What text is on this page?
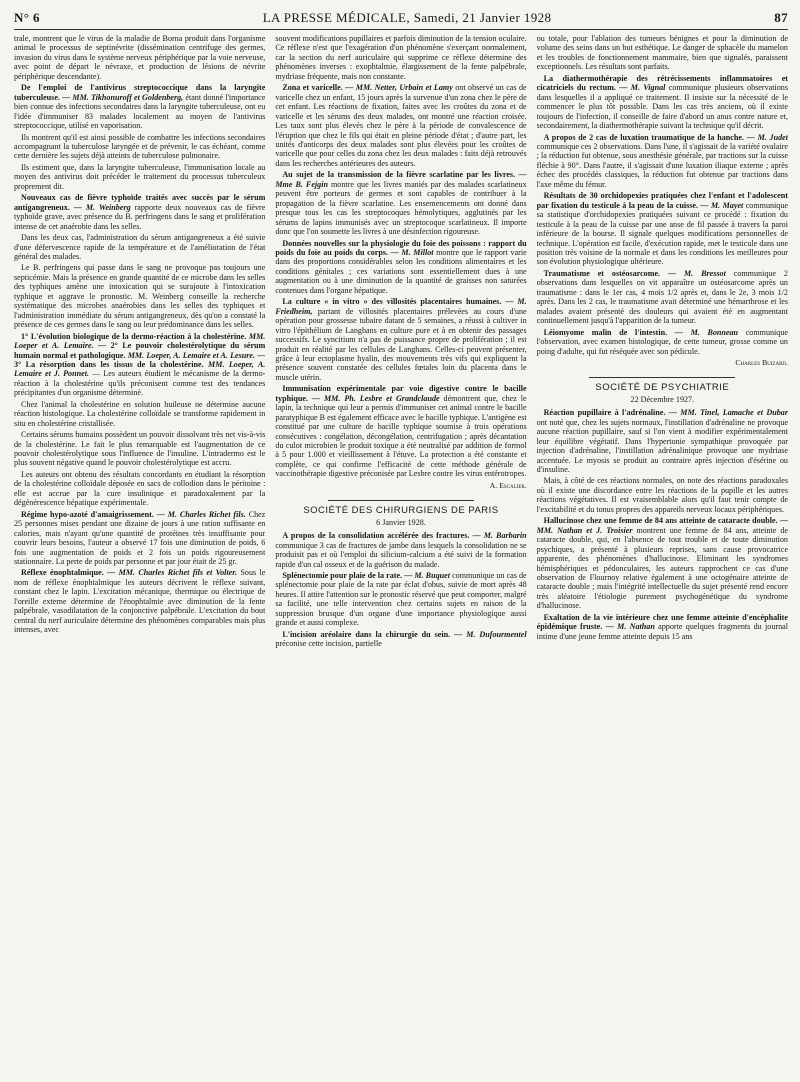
N° 6	LA PRESSE MÉDICALE, Samedi, 21 Janvier 1928	87

trale, montrent que le virus de la maladie de Borna produit dans l'organisme animal le processus de septinévrite (dissémination centrifuge des germes, invasion du virus dans le système nerveux périphérique par la voie nerveuse, avec point de départ le névraxe, et production de lésions de névrite périphérique descendante).

De l'emploi de l'antivirus streptococcique dans la laryngite tuberculeuse. — MM. Tikhonuroff et Goldenberg, étant donné l'importance bien connue des infections secondaires dans la laryngite tuberculeuse, ont eu l'idée d'immuniser 83 malades localement au moyen de l'antivirus streptococcique, utilisé en vaporisation.

Ils montrent qu'il est ainsi possible de combattre les infections secondaires accompagnant la tuberculose laryngée et de prévenir, le cas échéant, comme cette dernière les sujets déjà atteints de tuberculose pulmonaire.

Ils estiment que, dans la laryngite tuberculeuse, l'immunisation locale au moyen des antivirus doit précéder le traitement du processus tuberculeux proprement dit.

Nouveaux cas de fièvre typhoïde traités avec succès par le sérum antigangreneux. — M. Weinberg rapporte deux nouveaux cas de fièvre typhoïde grave, avec présence du B. perfringens dans le sang et prolifération intense de cet anaérobie dans les selles.

Dans les deux cas, l'administration du sérum antigangreneux a été suivie d'une défervescence rapide de la température et de l'amélioration de l'état général des malades.

Le B. perfringens qui passe dans le sang ne provoque pas toujours une septicémie. Mais la présence en grande quantité de ce microbe dans les selles des typhiques amène une intoxication qui se surajoute à l'intoxication typhique et aggrave le pronostic. M. Weinberg conseille la recherche systématique des microbes anaérobies dans les selles des typhiques et l'administration immédiate du sérum antigangreneux, dès qu'on a constaté la présence de ces germes dans le sang ou leur prédominance dans les selles.

1° L'évolution biologique de la dermo-réaction à la cholestérine. MM. Loeper et A. Lemaire. — 2° Le pouvoir cholestérolytique du sérum humain normal et pathologique. MM. Loeper, A. Lemaire et A. Lesure. — 3° La résorption dans les tissus de la cholestérine. MM. Loeper, A. Lemaire et J. Ponnet. — Les auteurs étudient le mécanisme de la dermo-réaction à la cholestérine qu'ils préconisent comme test des tendances précipitantes d'un organisme déterminé.

Chez l'animal la cholestérine en solution huileuse ne détermine aucune réaction histologique. La cholestérine colloïdale se transforme rapidement in situ en cholestérine cristallisée.

Certains sérums humains possèdent un pouvoir dissolvant très net vis-à-vis de la cholestérine. Le fait le plus remarquable est l'augmentation de ce pouvoir cholestérolytique sous l'influence de l'insuline. L'intradermo est le plus souvent négative quand le pouvoir cholestérolytique est accru.

Les auteurs ont obtenu des résultats concordants en étudiant la résorption de la cholestérine colloïdale déposée en sacs de collodion dans le péritoine : elle est accrue par la cure insulinique et paradoxalement par la dégénérescence hépatique expérimentale.

Régime hypo-azoté d'amaigrissement. — M. Charles Richet fils. Chez 25 personnes mises pendant une dizaine de jours à une ration suffisante en calories, mais n'ayant qu'une quantité de protéines très insuffisante pour couvrir leurs besoins, l'auteur a observé 17 fois une diminution de poids, 6 fois une augmentation de poids et 2 fois un poids rigoureusement stationnaire. La perte de poids par personne et par jour était de 25 gr.

Réflexe énophtalmique. — MM. Charles Richet fils et Volter. Sous le nom de réflexe énophtalmique les auteurs décrivent le réflexe suivant, constant chez le lapin. L'excitation mécanique, thermique ou électrique de l'oreille externe détermine de l'énophtalmie avec diminution de la fente palpébrale, vasodilatation de la conjonctive palpébrale. L'excitation du bout central du nerf auriculaire détermine des phénomènes comparables mais plus intenses, avec

souvent modifications pupillaires et parfois diminution de la tension oculaire. Ce réflexe n'est que l'exagération d'un phénomène s'exerçant normalement, car la section du nerf auriculaire qui supprime ce réflexe détermine des phénomènes inverses : exophtalmie, élargissement de la fente palpébrale, mydriase fréquente, mais non constante.

Zona et varicelle. — MM. Netter, Urbain et Lamy ont observé un cas de varicelle chez un enfant, 15 jours après la survenue d'un zona chez le père de cet enfant. Les réactions de fixation, faites avec les croûtes du zona et de varicelle et les sérums des deux malades, ont montré une réaction croisée. Les taux sont plus élevés chez le père à la période de convalescence de l'éruption que chez le fils qui était en pleine période d'état ; d'autre part, les unités d'anticorps des deux malades sont plus élevées pour les croûtes de varicelle que pour celles du zona chez les deux malades : faits déjà retrouvés dans les recherches antérieures des auteurs.

Au sujet de la transmission de la fièvre scarlatine par les livres. — Mme B. Fejgin montre que les livres maniés par des malades scarlatineux peuvent être porteurs de germes et sont capables de contribuer à la propagation de la fièvre scarlatine. Les ensemencements ont donné dans presque tous les cas les streptocoques hémolytiques, agglutinés par les sérums de lapins immunisés avec un streptocoque scarlatineux. Il importe donc que l'on soumette les livres à une désinfection rigoureuse.

Données nouvelles sur la physiologie du foie des poissons : rapport du poids du foie au poids du corps. — M. Millot montre que le rapport varie dans des proportions considérables selon les conditions alimentaires et les conditions génitales ; ces variations sont essentiellement dues à une augmentation ou à une diminution de la quantité de graisses non saturées contenues dans l'organe hépatique.

La culture « in vitro » des villosités placentaires humaines. — M. Friedheim, partant de villosités placentaires prélevées au cours d'une opération pour grossesse tubaire datant de 5 semaines, a réussi à cultiver in vitro l'épithélium de Langhans en culture pure et à en obtenir des passages successifs. Le syncitium n'a pas de puissance propre de prolifération ; il est produit en réalité par les cellules de Langhans. Celles-ci peuvent présenter, grâce à leur ectoplasme hyalin, des mouvements très vifs qui expliquent la présence souvent constatée des cellules fœtales loin du placenta dans le muscle utérin.

Immunisation expérimentale par voie digestive contre le bacille typhique. — MM. Ph. Lesbre et Grandclaude démontrent que, chez le lapin, la technique qui leur a permis d'immuniser cet animal contre le bacille paratyphique B est également efficace avec le bacille typhique. L'antigène est constitué par une culture de bacille typhique soumise à trois opérations consécutives : congélation, décongélation, centrifugation ; après décantation du culot microbien le produit toxique a été neutralisé par addition de formol à 5 pour 1.000 et vieillissement à l'étuve. La protection a été constante et complète, ce qui confirme l'efficacité de cette méthode générale de vaccinothérapie digestive préconisée par Lesbre contre les virus entérotropes.

A. Escalier.
SOCIÉTÉ DES CHIRURGIENS DE PARIS
6 Janvier 1928.

A propos de la consolidation accélérée des fractures. — M. Barbarin communique 3 cas de fractures de jambe dans lesquels la consolidation ne se produisit pas et où l'emploi du silicium-calcium a été suivi de la formation rapide d'un cal osseux et de la guérison du malade.

Splénectomie pour plaie de la rate. — M. Buquet communique un cas de splénectomie pour plaie de la rate par éclat d'obus, suivie de mort après 48 heures. Il attire l'attention sur le pronostic réservé que peut comporter, malgré sa facilité, une telle intervention chez certains sujets en raison de la suppression brusque d'un organe d'une importance physiologique aussi grande et aussi complexe.

L'incision aréolaire dans la chirurgie du sein. — M. Dufourmentel préconise cette incision, partielle

ou totale, pour l'ablation des tumeurs bénignes et pour la diminution de volume des seins dans un but esthétique. Le danger de sphacèle du mamelon et les troubles de fonctionnement mammaire, bien que signalés, paraissent exceptionnels. Les résultats sont parfaits.

La diathermothérapie des rétrécissements inflammatoires et cicatriciels du rectum. — M. Vignal communique plusieurs observations dans lesquelles il a appliqué ce traitement. Il insiste sur la nécessité de le commencer le plus tôt possible. Dans les cas très anciens, où il existe toujours de l'infection, il conseille de faire d'abord un anus contre nature et, secondairement, la diathermothérapie suivant la technique qu'il décrit.

A propos de 2 cas de luxation traumatique de la hanche. — M. Judet communique ces 2 observations. Dans l'une, il s'agissait de la variété ovalaire ; la réduction fut obtenue, sous anesthésie générale, par tractions sur la cuisse fléchie à 90°. Dans l'autre, il s'agissait d'une luxation iliaque externe ; après échec des procédés classiques, la réduction fut obtenue par tractions dans l'axe même du fémur.

Résultats de 30 orchidopexies pratiquées chez l'enfant et l'adolescent par fixation du testicule à la peau de la cuisse. — M. Mayet communique sa statistique d'orchidopexies pratiquées suivant ce procédé : fixation du testicule à la peau de la cuisse par une anse de fil passée à travers la paroi inférieure de la bourse. Il signale quelques modifications personnelles de technique. L'opération est facile, d'exécution rapide, met le testicule dans une position très voisine de la normale et dans les conditions les meilleures pour son évolution physiologique ultérieure.

Traumatisme et ostéosarcome. — M. Bressot communique 2 observations dans lesquelles on vit apparaître un ostéosarcome après un traumatisme : dans le 1er cas, 4 mois 1/2 après et, dans le 2e, 3 mois 1/2 après. Dans les 2 cas, le traumatisme avait déterminé une hémarthrose et les malades avaient présenté des douleurs qui avaient été en augmentant continuellement jusqu'à l'apparition de la tumeur.

Léiomyome malin de l'intestin. — M. Bonneau communique l'observation, avec examen histologique, de cette tumeur, grosse comme un poing d'adulte, qui fut réséquée avec son pédicule.

Charles Buizard.
SOCIÉTÉ DE PSYCHIATRIE
22 Décembre 1927.

Réaction pupillaire à l'adrénaline. — MM. Tinel, Lamache et Dubar ont noté que, chez les sujets normaux, l'instillation d'adrénaline ne provoque aucune réaction pupillaire, sauf si l'on vient à modifier expérimentalement leur équilibre végétatif. Dans l'hypertonie sympathique provoquée par injection d'adrénaline, l'instillation adrénalinique provoque une mydriase accentuée. Le myosis se produit au contraire après injection d'ésérine ou d'insuline.

Mais, à côté de ces réactions normales, on note des réactions paradoxales où il existe une discordance entre les réactions de la pupille et les autres réactions végétatives. Il est vraisemblable alors qu'il faut tenir compte de l'excitabilité et du tonus propres des appareils nerveux locaux périphériques.

Hallucinose chez une femme de 84 ans atteinte de cataracte double. — MM. Nathan et J. Troisier montrent une femme de 84 ans, atteinte de cataracte double, qui, en l'absence de tout trouble et de toute diminution psychiques, a présenté à plusieurs reprises, sans cause provocatrice apparente, des phénomènes d'hallucinose. Eliminant les syndromes hémisphériques et pédonculaires, les auteurs rapprochent ce cas d'une observation de Flournoy relative également à une octogénaire atteinte de cataracte double ; mais l'intégrité intellectuelle du sujet présenté rend encore très aléatoire l'étiologie purement psychogénétique du syndrome d'hallucinose.

Exaltation de la vie intérieure chez une femme atteinte d'encéphalite épidémique fruste. — M. Nathan apporte quelques fragments du journal intime d'une jeune femme atteinte depuis 15 ans
